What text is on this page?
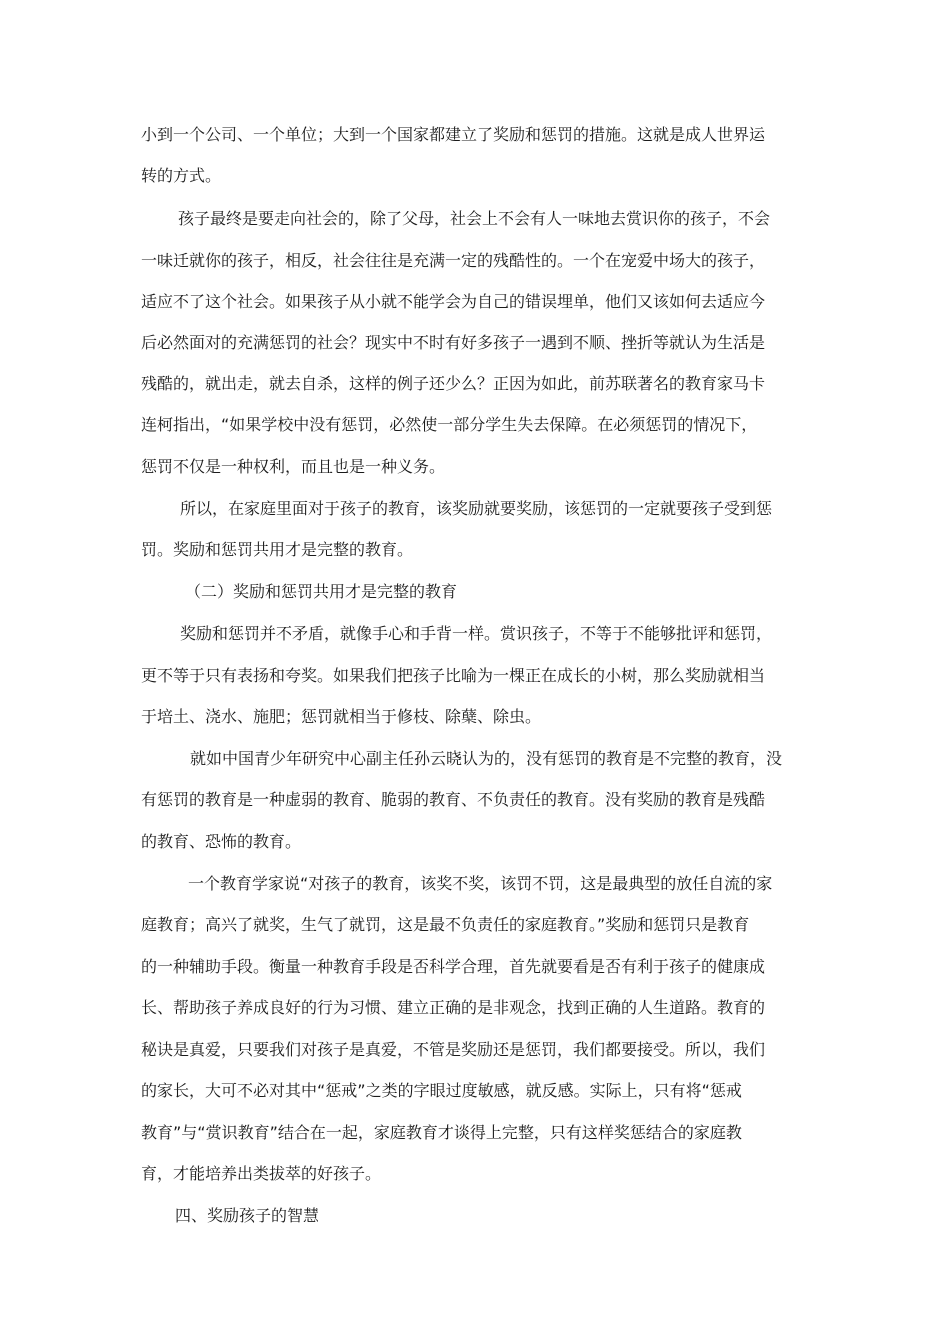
小到一个公司、一个单位；大到一个国家都建立了奖励和惩罚的措施。这就是成人世界运

转的方式。

孩子最终是要走向社会的，除了父母，社会上不会有人一味地去赏识你的孩子，不会

一味迁就你的孩子，相反，社会往往是充满一定的残酷性的。一个在宠爱中场大的孩子，

适应不了这个社会。如果孩子从小就不能学会为自己的错误埋单，他们又该如何去适应今

后必然面对的充满惩罚的社会？现实中不时有好多孩子一遇到不顺、挫折等就认为生活是

残酷的，就出走，就去自杀，这样的例子还少么？正因为如此，前苏联著名的教育家马卡

连柯指出，“如果学校中没有惩罚，必然使一部分学生失去保障。在必须惩罚的情况下，

惩罚不仅是一种权利，而且也是一种义务。

所以，在家庭里面对于孩子的教育，该奖励就要奖励，该惩罚的一定就要孩子受到惩

罚。奖励和惩罚共用才是完整的教育。

（二）奖励和惩罚共用才是完整的教育

奖励和惩罚并不矛盾，就像手心和手背一样。赏识孩子，不等于不能够批评和惩罚，

更不等于只有表扬和夸奖。如果我们把孩子比喻为一棵正在成长的小树，那么奖励就相当

于培土、浇水、施肥；惩罚就相当于修枝、除蘖、除虫。

就如中国青少年研究中心副主任孙云晓认为的，没有惩罚的教育是不完整的教育，没

有惩罚的教育是一种虚弱的教育、脆弱的教育、不负责任的教育。没有奖励的教育是残酷

的教育、恐怖的教育。

一个教育学家说“对孩子的教育，该奖不奖，该罚不罚，这是最典型的放任自流的家

庭教育；高兴了就奖，生气了就罚，这是最不负责任的家庭教育。”奖励和惩罚只是教育

的一种辅助手段。衡量一种教育手段是否科学合理，首先就要看是否有利于孩子的健康成

长、帮助孩子养成良好的行为习惯、建立正确的是非观念，找到正确的人生道路。教育的

秘诀是真爱，只要我们对孩子是真爱，不管是奖励还是惩罚，我们都要接受。所以，我们

的家长，大可不必对其中“惩戒”之类的字眼过度敏感，就反感。实际上，只有将“惩戒

教育”与“赏识教育”结合在一起，家庭教育才谈得上完整，只有这样奖惩结合的家庭教

育，才能培养出类拔萃的好孩子。

四、奖励孩子的智慧
